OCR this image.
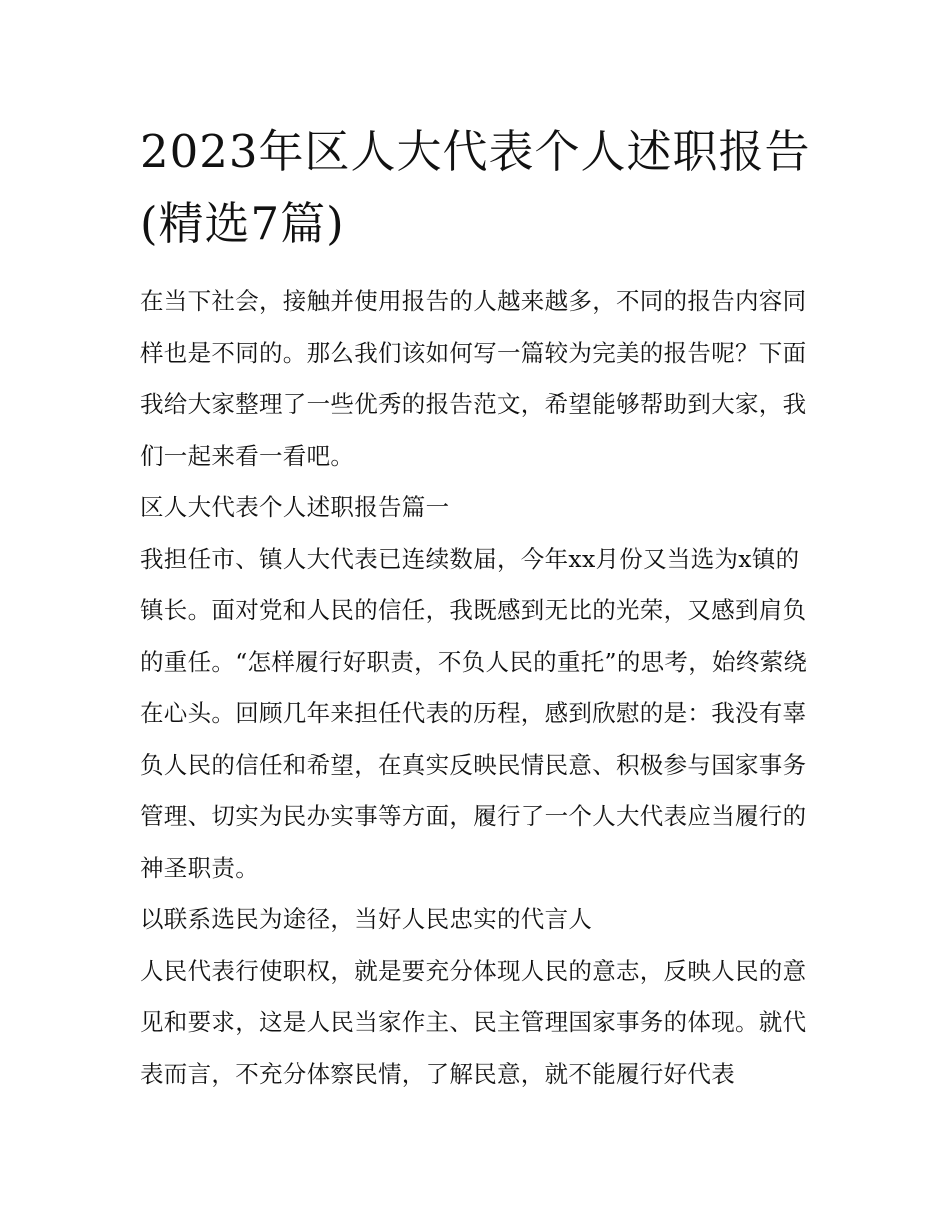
2023年区人大代表个人述职报告(精选7篇)

在当下社会，接触并使用报告的人越来越多，不同的报告内容同样也是不同的。那么我们该如何写一篇较为完美的报告呢？下面我给大家整理了一些优秀的报告范文，希望能够帮助到大家，我们一起来看一看吧。

区人大代表个人述职报告篇一

我担任市、镇人大代表已连续数届，今年xx月份又当选为x镇的镇长。面对党和人民的信任，我既感到无比的光荣，又感到肩负的重任。“怎样履行好职责，不负人民的重托”的思考，始终萦绕在心头。回顾几年来担任代表的历程，感到欣慰的是：我没有辜负人民的信任和希望，在真实反映民情民意、积极参与国家事务管理、切实为民办实事等方面，履行了一个人大代表应当履行的神圣职责。

以联系选民为途径，当好人民忠实的代言人

人民代表行使职权，就是要充分体现人民的意志，反映人民的意见和要求，这是人民当家作主、民主管理国家事务的体现。就代表而言，不充分体察民情，了解民意，就不能履行好代表
